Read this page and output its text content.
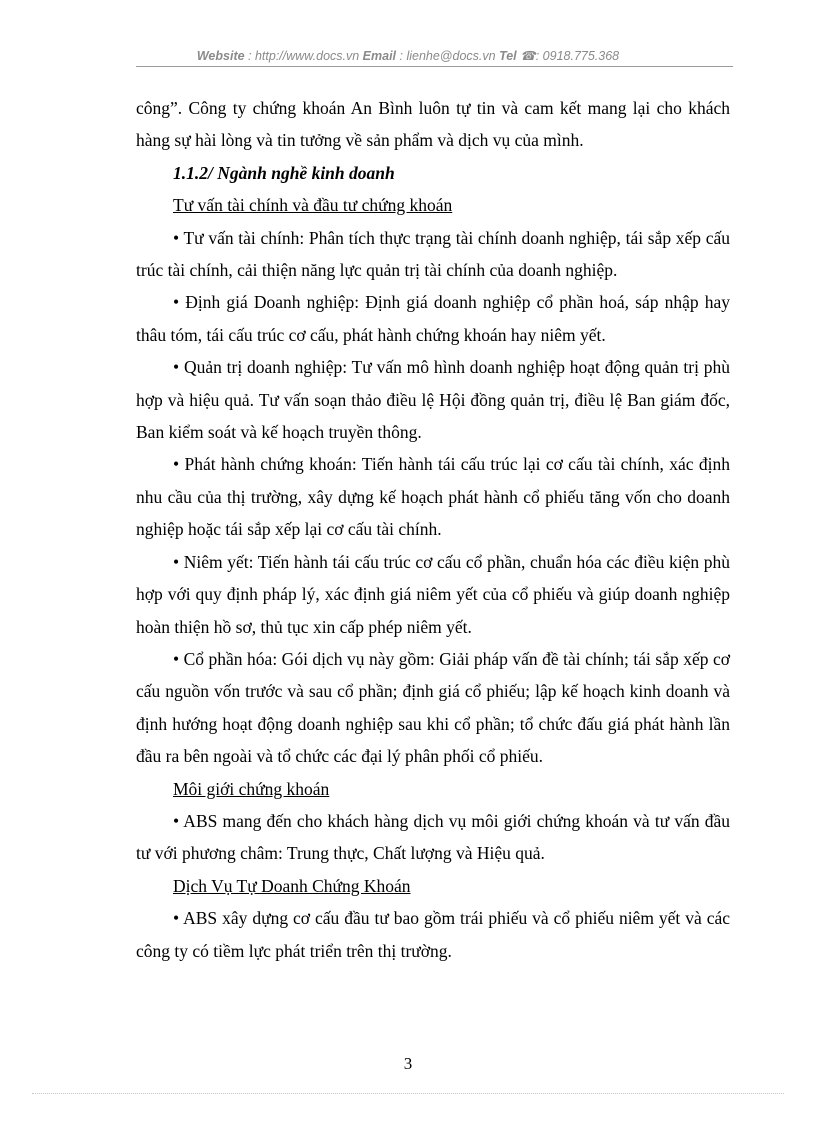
Website : http://www.docs.vn Email : lienhe@docs.vn Tel ☎: 0918.775.368

công”. Công ty chứng khoán An Bình luôn tự tin và cam kết mang lại cho khách hàng sự hài lòng và tin tưởng về sản phẩm và dịch vụ của mình.

1.1.2/ Ngành nghề kinh doanh

Tư vấn tài chính và đầu tư chứng khoán

• Tư vấn tài chính: Phân tích thực trạng tài chính doanh nghiệp, tái sắp xếp cấu trúc tài chính, cải thiện năng lực quản trị tài chính của doanh nghiệp.

• Định giá Doanh nghiệp: Định giá doanh nghiệp cổ phần hoá, sáp nhập hay thâu tóm, tái cấu trúc cơ cấu, phát hành chứng khoán hay niêm yết.

• Quản trị doanh nghiệp: Tư vấn mô hình doanh nghiệp hoạt động quản trị phù hợp và hiệu quả. Tư vấn soạn thảo điều lệ Hội đồng quản trị, điều lệ Ban giám đốc, Ban kiểm soát và kế hoạch truyền thông.

• Phát hành chứng khoán: Tiến hành tái cấu trúc lại cơ cấu tài chính, xác định nhu cầu của thị trường, xây dựng kế hoạch phát hành cổ phiếu tăng vốn cho doanh nghiệp hoặc tái sắp xếp lại cơ cấu tài chính.

• Niêm yết: Tiến hành tái cấu trúc cơ cấu cổ phần, chuẩn hóa các điều kiện phù hợp với quy định pháp lý, xác định giá niêm yết của cổ phiếu và giúp doanh nghiệp hoàn thiện hồ sơ, thủ tục xin cấp phép niêm yết.

• Cổ phần hóa: Gói dịch vụ này gồm: Giải pháp vấn đề tài chính; tái sắp xếp cơ cấu nguồn vốn trước và sau cổ phần; định giá cổ phiếu; lập kế hoạch kinh doanh và định hướng hoạt động doanh nghiệp sau khi cổ phần; tổ chức đấu giá phát hành lần đầu ra bên ngoài và tổ chức các đại lý phân phối cổ phiếu.

Môi giới chứng khoán

• ABS mang đến cho khách hàng dịch vụ môi giới chứng khoán và tư vấn đầu tư với phương châm: Trung thực, Chất lượng và Hiệu quả.

Dịch Vụ Tự Doanh Chứng Khoán

• ABS xây dựng cơ cấu đầu tư bao gồm trái phiếu và cổ phiếu niêm yết và các công ty có tiềm lực phát triển trên thị trường.

3
